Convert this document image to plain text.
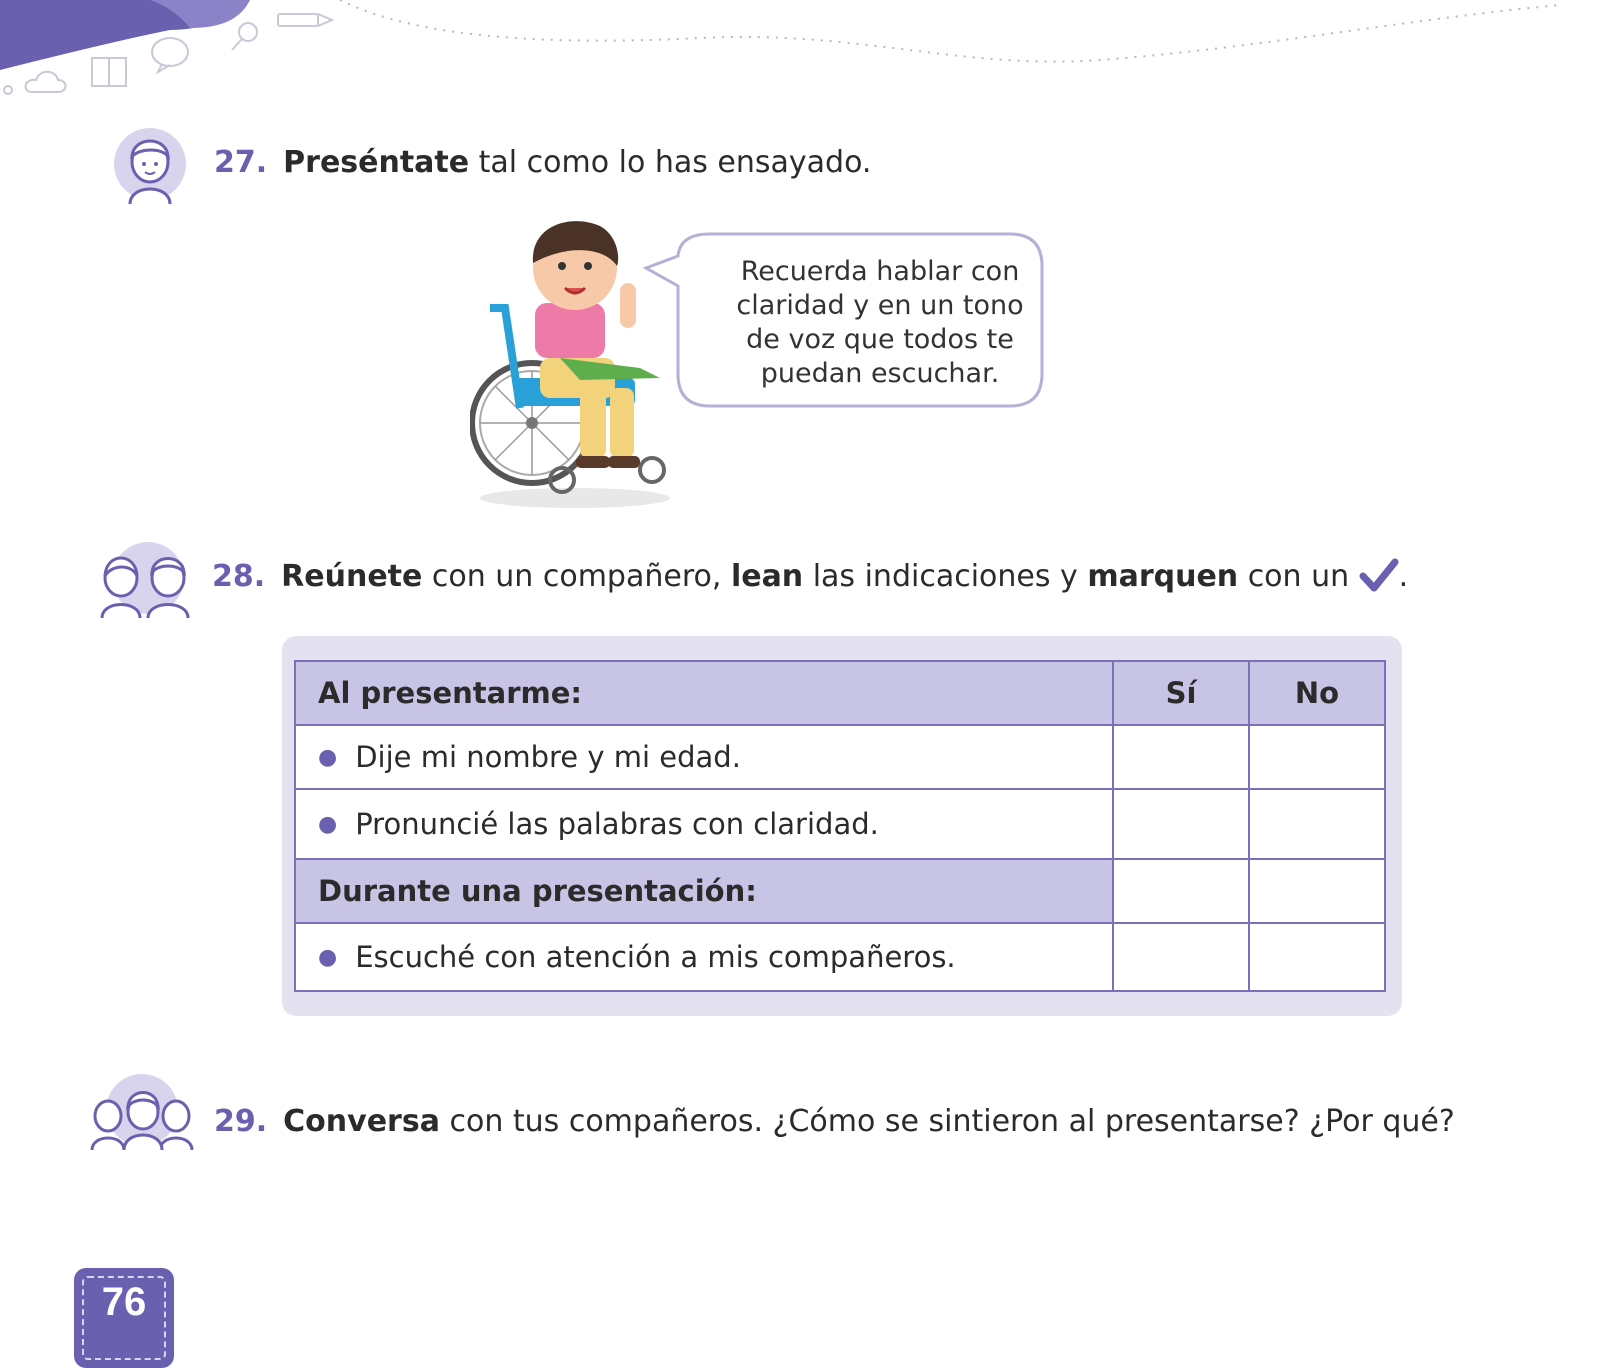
27. Preséntate tal como lo has ensayado.
Recuerda hablar con
claridad y en un tono
de voz que todos te
puedan escuchar.
28. Reúnete con un compañero, lean las indicaciones y marquen con un .
Al presentarme:	Sí	No
● Dije mi nombre y mi edad.		
● Pronuncié las palabras con claridad.		
Durante una presentación:		
● Escuché con atención a mis compañeros.		
29. Conversa con tus compañeros. ¿Cómo se sintieron al presentarse? ¿Por qué?
76
